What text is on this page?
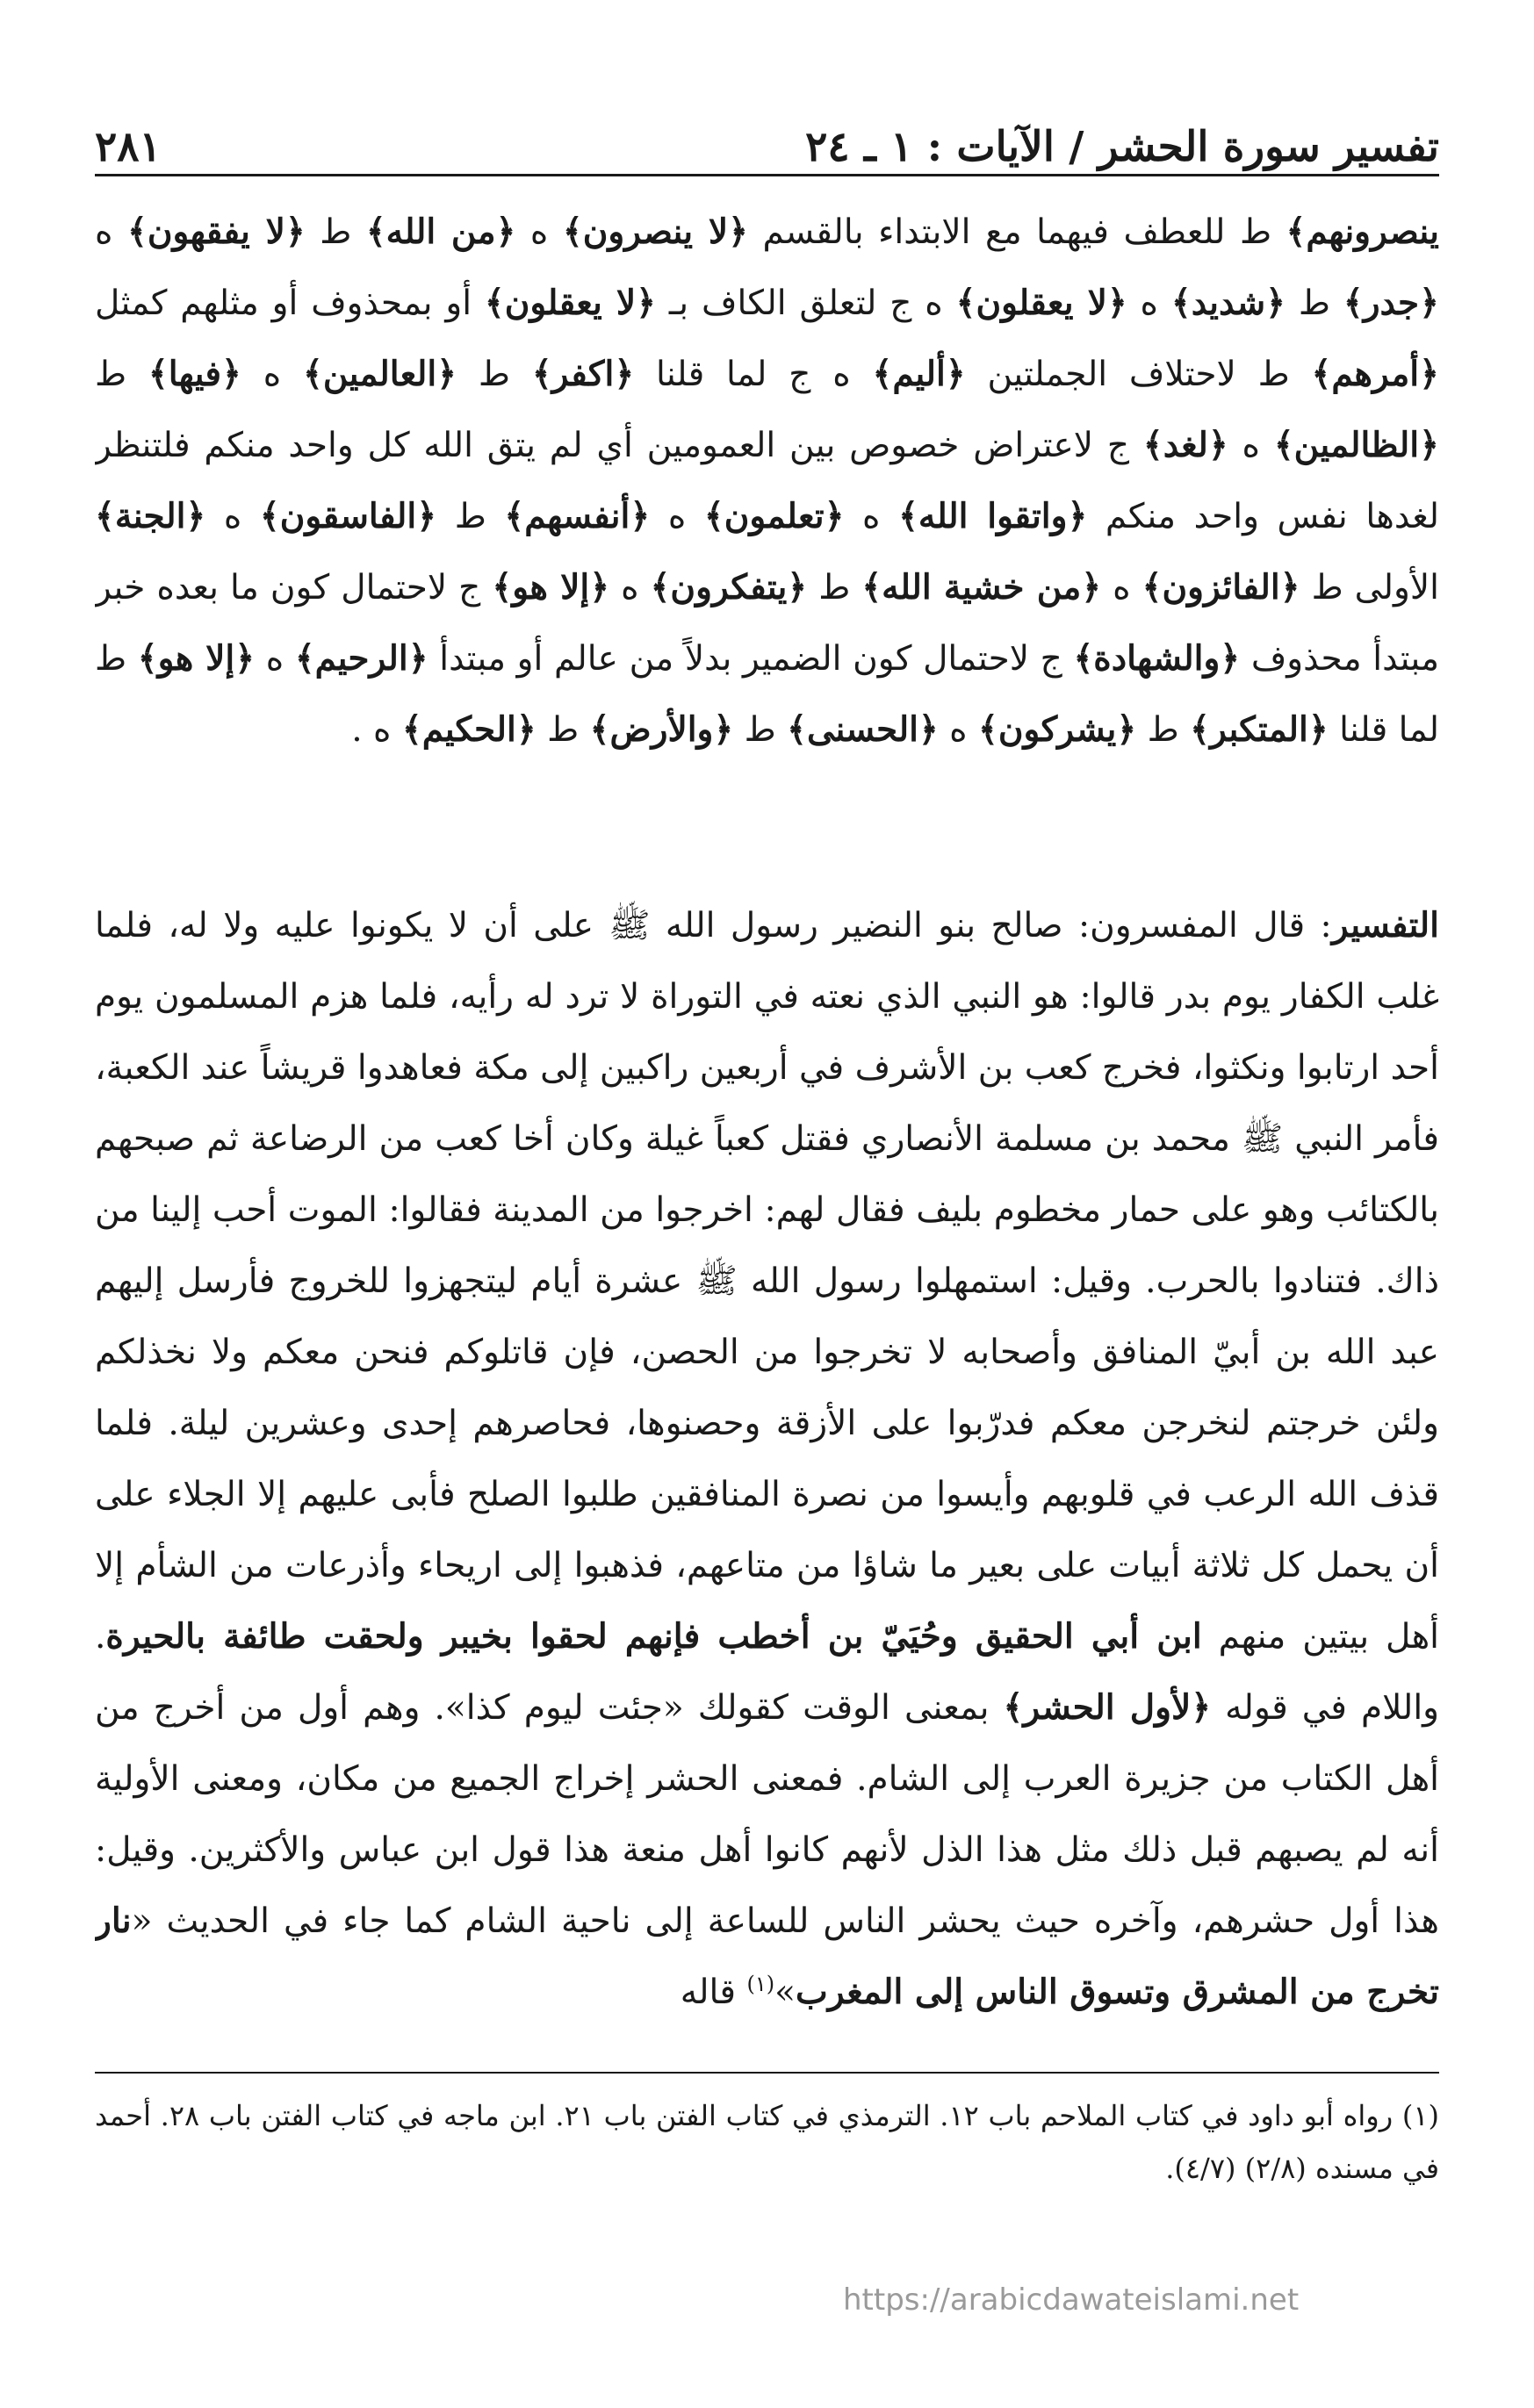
تفسير سورة الحشر / الآيات : ١ ـ ٢٤
٢٨١
ينصرونهم﴾ ط للعطف فيهما مع الابتداء بالقسم ﴿لا ينصرون﴾ ه ﴿من الله﴾ ط ﴿لا يفقهون﴾ ه ﴿جدر﴾ ط ﴿شديد﴾ ه ﴿لا يعقلون﴾ ه ج لتعلق الكاف بـ ﴿لا يعقلون﴾ أو بمحذوف أو مثلهم كمثل ﴿أمرهم﴾ ط لاحتلاف الجملتين ﴿أليم﴾ ه ج لما قلنا ﴿اكفر﴾ ط ﴿العالمين﴾ ه ﴿فيها﴾ ط ﴿الظالمين﴾ ه ﴿لغد﴾ ج لاعتراض خصوص بين العمومين أي لم يتق الله كل واحد منكم فلتنظر لغدها نفس واحد منكم ﴿واتقوا الله﴾ ه ﴿تعلمون﴾ ه ﴿أنفسهم﴾ ط ﴿الفاسقون﴾ ه ﴿الجنة﴾ الأولى ط ﴿الفائزون﴾ ه ﴿من خشية الله﴾ ط ﴿يتفكرون﴾ ه ﴿إلا هو﴾ ج لاحتمال كون ما بعده خبر مبتدأ محذوف ﴿والشهادة﴾ ج لاحتمال كون الضمير بدلاً من عالم أو مبتدأ ﴿الرحيم﴾ ه ﴿إلا هو﴾ ط لما قلنا ﴿المتكبر﴾ ط ﴿يشركون﴾ ه ﴿الحسنى﴾ ط ﴿والأرض﴾ ط ﴿الحكيم﴾ ه .
التفسير: قال المفسرون: صالح بنو النضير رسول الله ﷺ على أن لا يكونوا عليه ولا له، فلما غلب الكفار يوم بدر قالوا: هو النبي الذي نعته في التوراة لا ترد له رأيه، فلما هزم المسلمون يوم أحد ارتابوا ونكثوا، فخرج كعب بن الأشرف في أربعين راكبين إلى مكة فعاهدوا قريشاً عند الكعبة، فأمر النبي ﷺ محمد بن مسلمة الأنصاري فقتل كعباً غيلة وكان أخا كعب من الرضاعة ثم صبحهم بالكتائب وهو على حمار مخطوم بليف فقال لهم: اخرجوا من المدينة فقالوا: الموت أحب إلينا من ذاك. فتنادوا بالحرب. وقيل: استمهلوا رسول الله ﷺ عشرة أيام ليتجهزوا للخروج فأرسل إليهم عبد الله بن أبيّ المنافق وأصحابه لا تخرجوا من الحصن، فإن قاتلوكم فنحن معكم ولا نخذلكم ولئن خرجتم لنخرجن معكم فدرّبوا على الأزقة وحصنوها، فحاصرهم إحدى وعشرين ليلة. فلما قذف الله الرعب في قلوبهم وأيسوا من نصرة المنافقين طلبوا الصلح فأبى عليهم إلا الجلاء على أن يحمل كل ثلاثة أبيات على بعير ما شاؤا من متاعهم، فذهبوا إلى اريحاء وأذرعات من الشأم إلا أهل بيتين منهم ابن أبي الحقيق وحُيَيّ بن أخطب فإنهم لحقوا بخيبر ولحقت طائفة بالحيرة. واللام في قوله ﴿لأول الحشر﴾ بمعنى الوقت كقولك «جئت ليوم كذا». وهم أول من أخرج من أهل الكتاب من جزيرة العرب إلى الشام. فمعنى الحشر إخراج الجميع من مكان، ومعنى الأولية أنه لم يصبهم قبل ذلك مثل هذا الذل لأنهم كانوا أهل منعة هذا قول ابن عباس والأكثرين. وقيل: هذا أول حشرهم، وآخره حيث يحشر الناس للساعة إلى ناحية الشام كما جاء في الحديث «نار تخرج من المشرق وتسوق الناس إلى المغرب»$^{(١)}$ قاله
(١) رواه أبو داود في كتاب الملاحم باب ١٢. الترمذي في كتاب الفتن باب ٢١. ابن ماجه في كتاب الفتن باب ٢٨. أحمد في مسنده (٢/٨) (٤/٧).
https://arabicdawateislami.net
